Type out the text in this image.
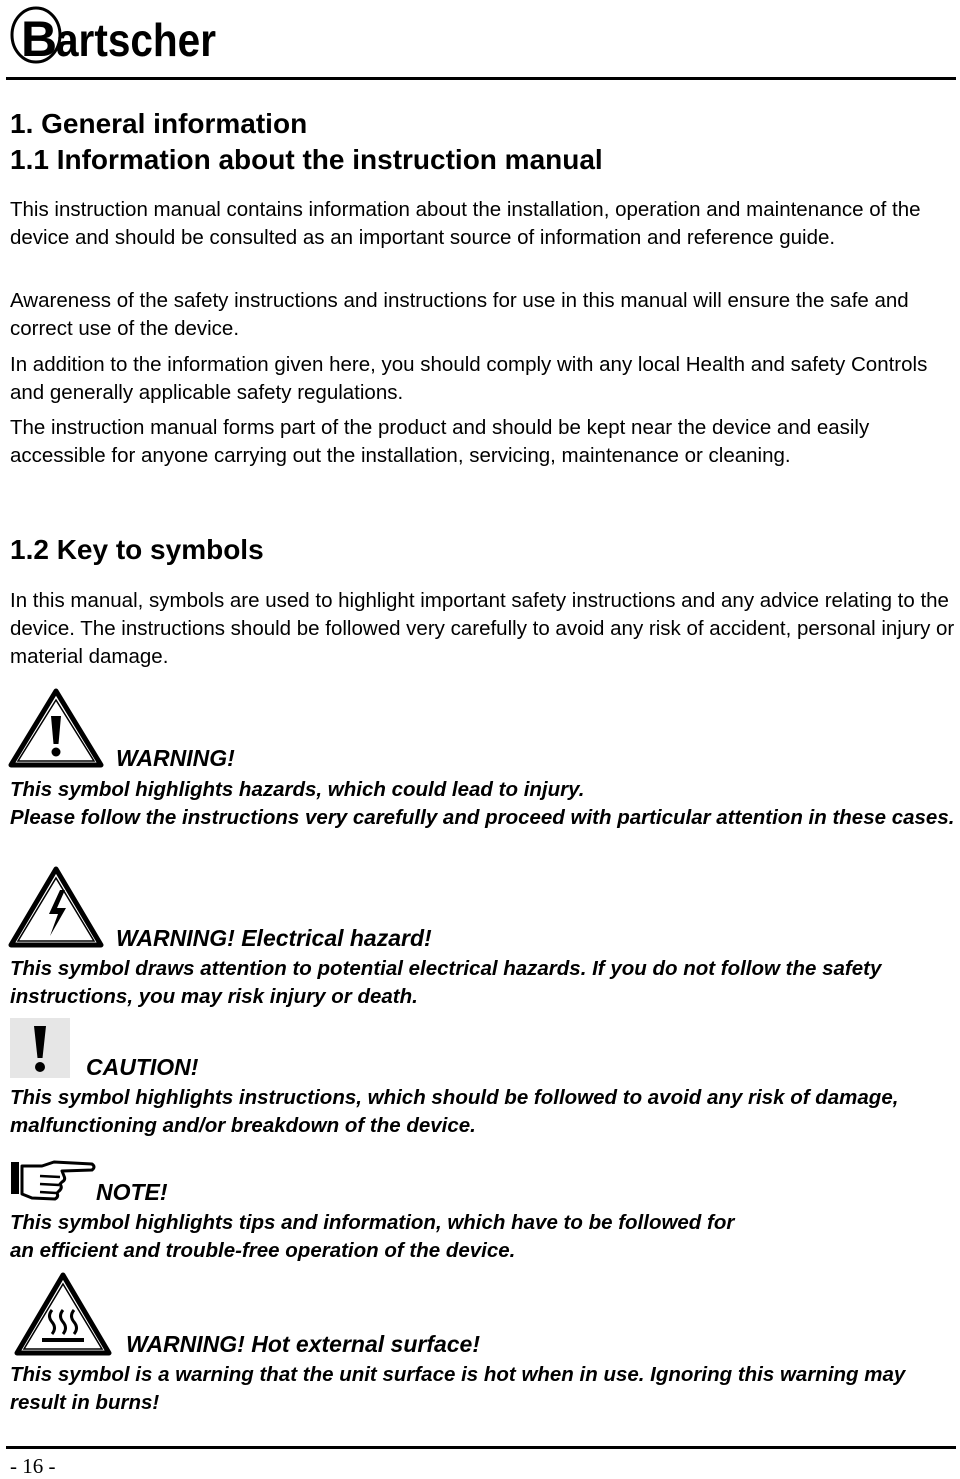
B
artscher
1. General information
1.1 Information about the instruction manual

This instruction manual contains information about the installation, operation and maintenance of the device and should be consulted as an important source of information and reference guide.

Awareness of the safety instructions and instructions for use in this manual will ensure the safe and correct use of the device.

In addition to the information given here, you should comply with any local Health and safety Controls and generally applicable safety regulations.

The instruction manual forms part of the product and should be kept near the device and easily accessible for anyone carrying out the installation, servicing, maintenance or cleaning.

1.2 Key to symbols

In this manual, symbols are used to highlight important safety instructions and any advice relating to the device. The instructions should be followed very carefully to avoid any risk of accident, personal injury or material damage.

WARNING!

This symbol highlights hazards, which could lead to injury.

Please follow the instructions very carefully and proceed with particular attention in these cases.

WARNING! Electrical hazard!

This symbol draws attention to potential electrical hazards. If you do not follow the safety instructions, you may risk injury or death.

CAUTION!

This symbol highlights instructions, which should be followed to avoid any risk of damage, malfunctioning and/or breakdown of the device.

NOTE!

This symbol highlights tips and information, which have to be followed for

an efficient and trouble-free operation of the device.

WARNING! Hot external surface!

This symbol is a warning that the unit surface is hot when in use. Ignoring this warning may result in burns!

- 16 -
